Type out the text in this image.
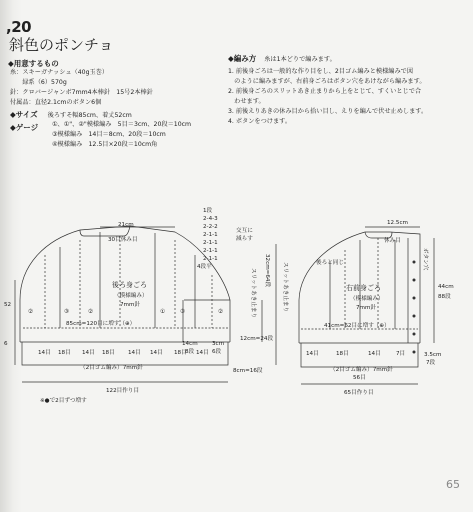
,20
斜色のポンチョ
◆用意するもの
糸：スキーガナッシュ（40g玉巻）
　　緑系（6）570g
針：クロバージャンボ7mm4本棒針　15号2本棒針
付属品：直径2.1cmのボタン6個
◆サイズ 後ろすそ幅85cm、着丈52cm
◆ゲージ ①、①"、②"模様編み　5目＝3cm、20段＝10cm
③模様編み　14目＝8cm、20段＝10cm
④模様編み　12.5目×20段＝10cm角
◆編み方 糸は1本どりで編みます。
1. 前後身ごろは一般的な作り目をし、2目ゴム編みと模様編みで図
　のように編みますが、右前身ごろはボタン穴をあけながら編みます。
2. 前後身ごろのスリットあき止まりから上をとじて、すくいとじで合
　わせます。
3. 前後えりあきの休み目から拾い目し、えりを編んで伏せ止めします。
4. ボタンをつけます。
21cm
30目休み目
後ろ身ごろ
（模様編み）
7mm針
85cm=120目に増す（⊕）
14目 18目 14目 18目 14目 14目 18目 14目
②	③	②	①	③	②
14cm
8段
3cm
6段
52
6
12cm=24段
8cm=16段
32cm=64段
スリットあき止まり
（2目ゴム編み）7mm針
122目作り目
※●で2目ずつ増す
1段
2-4-3
2-2-2
2-1-1
2-1-1
2-1-1
2-1-1
4段平
交互に
減らす
12.5cm
休み目
後ろと同じ
右前身ごろ
（模様編み）
7mm針
41cm=62目に増す（⊕）
14目	18目	14目	7目
ボタン穴
44cm
88段
3.5cm
7段
（2目ゴム編み）7mm針
56目
65目作り目
スリットあき止まり
65
